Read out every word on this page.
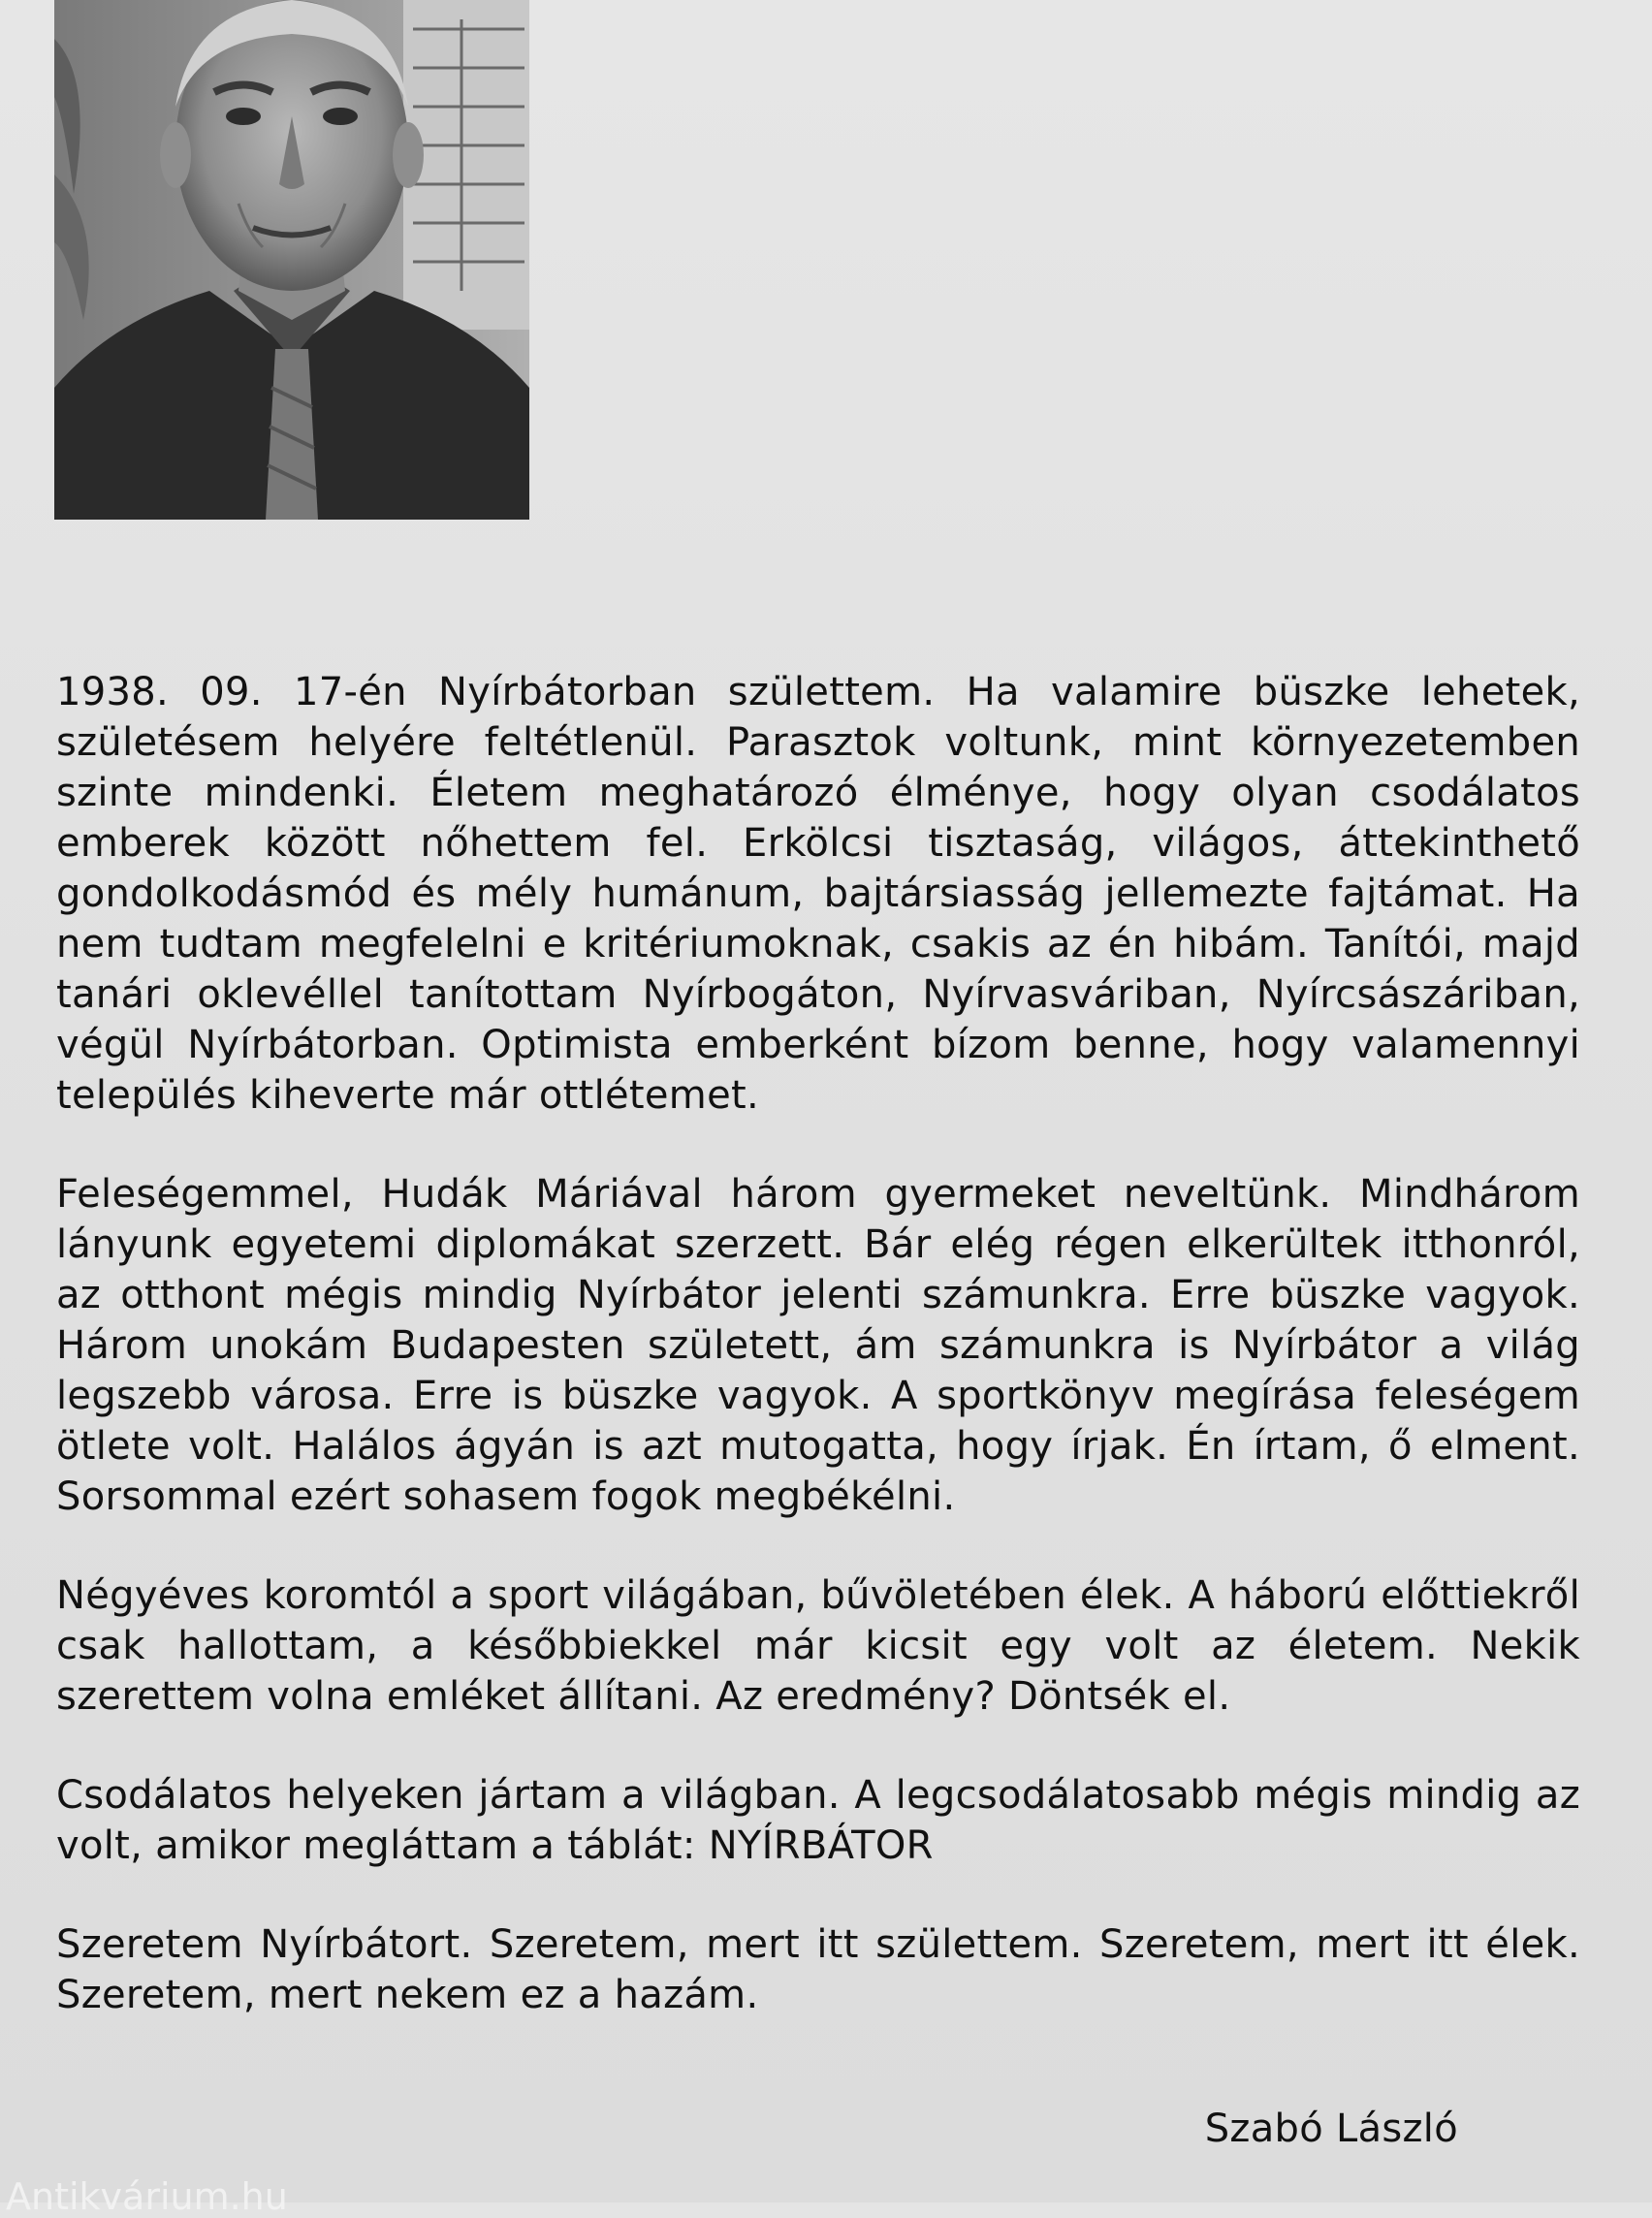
1938. 09. 17-én Nyírbátorban születtem. Ha valamire büszke lehetek, születésem helyére feltétlenül. Parasztok voltunk, mint környezetemben szinte mindenki. Életem meghatározó élménye, hogy olyan csodálatos emberek között nőhettem fel. Erkölcsi tisztaság, világos, áttekinthető gondolkodásmód és mély humánum, bajtársiasság jellemezte fajtámat. Ha nem tudtam megfelelni e kritériumoknak, csakis az én hibám. Tanítói, majd tanári oklevéllel tanítottam Nyírbogáton, Nyírvasváriban, Nyírcsászáriban, végül Nyírbátorban. Optimista emberként bízom benne, hogy valamennyi település kiheverte már ottlétemet.

Feleségemmel, Hudák Máriával három gyermeket neveltünk. Mindhárom lányunk egyetemi diplomákat szerzett. Bár elég régen elkerültek itthonról, az otthont mégis mindig Nyírbátor jelenti számunkra. Erre büszke vagyok. Három unokám Budapesten született, ám számunkra is Nyírbátor a világ legszebb városa. Erre is büszke vagyok. A sportkönyv megírása feleségem ötlete volt. Halálos ágyán is azt mutogatta, hogy írjak. Én írtam, ő elment. Sorsommal ezért sohasem fogok megbékélni.

Négyéves koromtól a sport világában, bűvöletében élek. A háború előttiekről csak hallottam, a későbbiekkel már kicsit egy volt az életem. Nekik szerettem volna emléket állítani. Az eredmény? Döntsék el.

Csodálatos helyeken jártam a világban. A legcsodálatosabb mégis mindig az volt, amikor megláttam a táblát: NYÍRBÁTOR

Szeretem Nyírbátort. Szeretem, mert itt születtem. Szeretem, mert itt élek. Szeretem, mert nekem ez a hazám.

Szabó László
Antikvárium.hu
